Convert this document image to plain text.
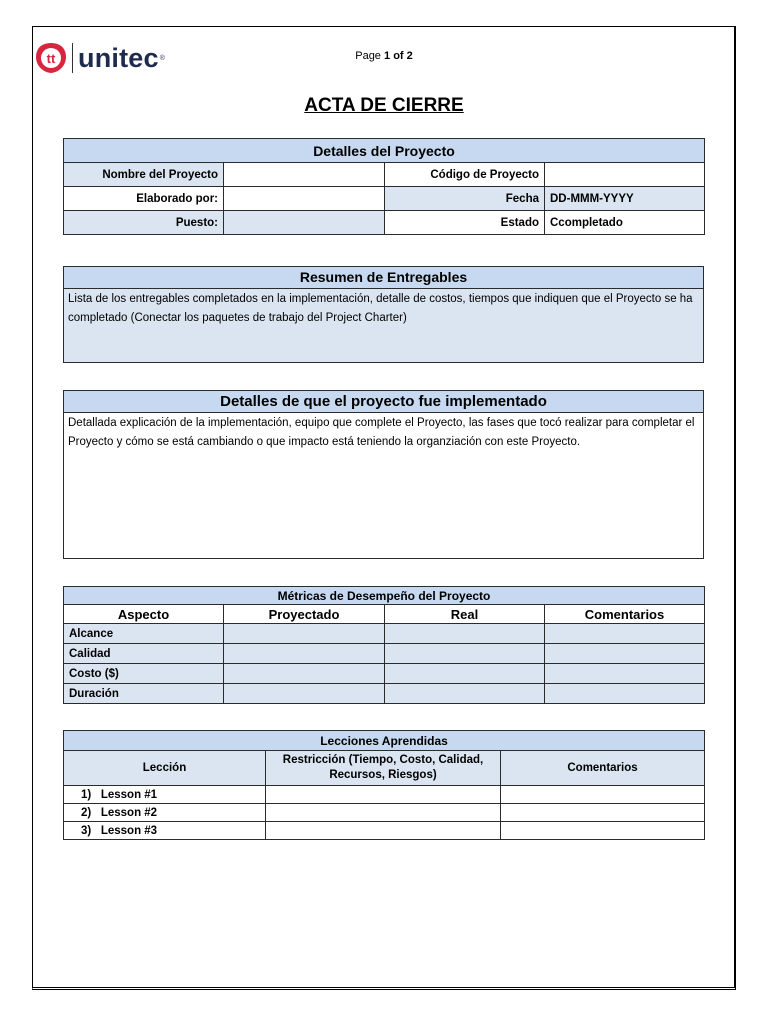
tt unitec ®	Page 1 of 2
ACTA DE CIERRE
Detalles del Proyecto			
Nombre del Proyecto		Código de Proyecto	
Elaborado por:		Fecha	DD-MMM-YYYY
Puesto:		Estado	Ccompletado
Resumen de Entregables
Lista de los entregables completados en la implementación, detalle de costos, tiempos que indiquen que el Proyecto se ha completado (Conectar los paquetes de trabajo del Project Charter)
Detalles de que el proyecto fue implementado
Detallada explicación de la implementación, equipo que complete el Proyecto, las fases que tocó realizar para completar el Proyecto y cómo se está cambiando o que impacto está teniendo la organziación con este Proyecto.
Métricas de Desempeño del Proyecto			
Aspecto	Proyectado	Real	Comentarios
Alcance			
Calidad			
Costo ($)			
Duración			
Lecciones Aprendidas		
Lección	Restricción (Tiempo, Costo, Calidad,
Recursos, Riesgos)	Comentarios
1) Lesson #1		
2) Lesson #2		
3) Lesson #3		
